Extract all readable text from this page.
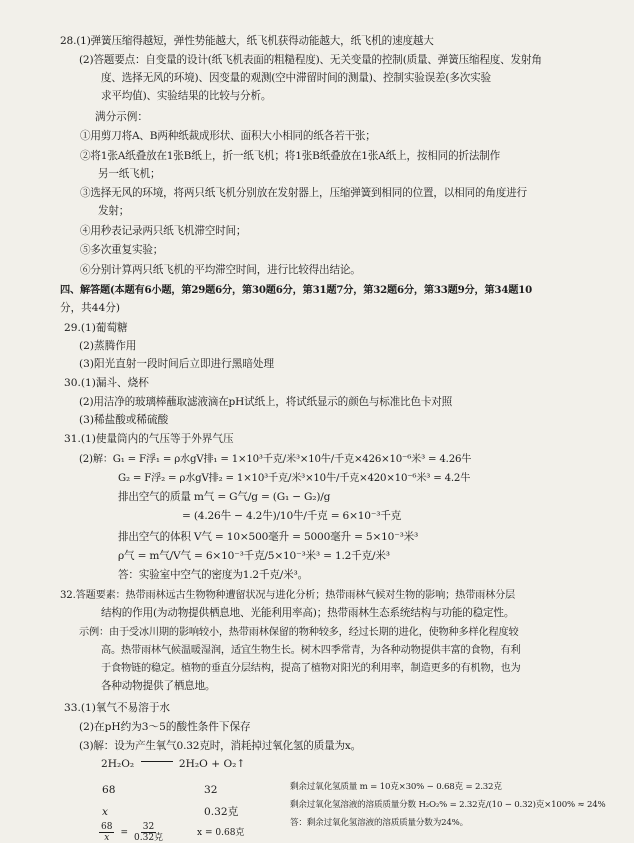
28.(1)弹簧压缩得越短，弹性势能越大，纸飞机获得动能越大，纸飞机的速度越大
(2)答题要点：自变量的设计(纸飞机表面的粗糙程度)、无关变量的控制(质量、弹簧压缩程度、发射角
度、选择无风的环境)、因变量的观测(空中滞留时间的测量)、控制实验误差(多次实验
求平均值)、实验结果的比较与分析。
满分示例：
①用剪刀将A、B两种纸裁成形状、面积大小相同的纸各若干张；
②将1张A纸叠放在1张B纸上，折一纸飞机；将1张B纸叠放在1张A纸上，按相同的折法制作
另一纸飞机；
③选择无风的环境，将两只纸飞机分别放在发射器上，压缩弹簧到相同的位置，以相同的角度进行
发射；
④用秒表记录两只纸飞机滞空时间；
⑤多次重复实验；
⑥分别计算两只纸飞机的平均滞空时间，进行比较得出结论。
四、解答题(本题有6小题，第29题6分，第30题6分，第31题7分，第32题6分，第33题9分，第34题10
分，共44分)
29.(1)葡萄糖
(2)蒸腾作用
(3)阳光直射一段时间后立即进行黑暗处理
30.(1)漏斗、烧杯
(2)用洁净的玻璃棒蘸取滤液滴在pH试纸上，将试纸显示的颜色与标准比色卡对照
(3)稀盐酸或稀硫酸
31.(1)使量筒内的气压等于外界气压
(2)解：G₁ = F浮₁ = ρ水gV排₁ = 1×10³千克/米³×10牛/千克×426×10⁻⁶米³ = 4.26牛
G₂ = F浮₂ = ρ水gV排₂ = 1×10³千克/米³×10牛/千克×420×10⁻⁶米³ = 4.2牛
排出空气的质量 m气 = G气/g = (G₁ − G₂)/g
= (4.26牛 − 4.2牛)/10牛/千克 = 6×10⁻³千克
排出空气的体积 V气 = 10×500毫升 = 5000毫升 = 5×10⁻³米³
ρ气 = m气/V气 = 6×10⁻³千克/5×10⁻³米³ = 1.2千克/米³
答：实验室中空气的密度为1.2千克/米³。
32.答题要素：热带雨林远古生物物种遭留状况与进化分析；热带雨林气候对生物的影响；热带雨林分层
结构的作用(为动物提供栖息地、光能利用率高)；热带雨林生态系统结构与功能的稳定性。
示例：由于受冰川期的影响较小，热带雨林保留的物种较多，经过长期的进化，使物种多样化程度较
高。热带雨林气候温暖湿润，适宜生物生长。树木四季常青，为各种动物提供丰富的食物，有利
于食物链的稳定。植物的垂直分层结构，提高了植物对阳光的利用率，制造更多的有机物，也为
各种动物提供了栖息地。
33.(1)氧气不易溶于水
(2)在pH约为3～5的酸性条件下保存
(3)解：设为产生氧气0.32克时，消耗掉过氧化氢的质量为x。
2H₂O₂	2H₂O + O₂↑
68	32
x	0.32克
$\frac{68}{x}$ =
32
0.32克
x = 0.68克
剩余过氧化氢质量 m = 10克×30% − 0.68克 = 2.32克
剩余过氧化氢溶液的溶质质量分数 H₂O₂% = 2.32克/(10 − 0.32)克×100% ≈ 24%
答：剩余过氧化氢溶液的溶质质量分数为24%。
